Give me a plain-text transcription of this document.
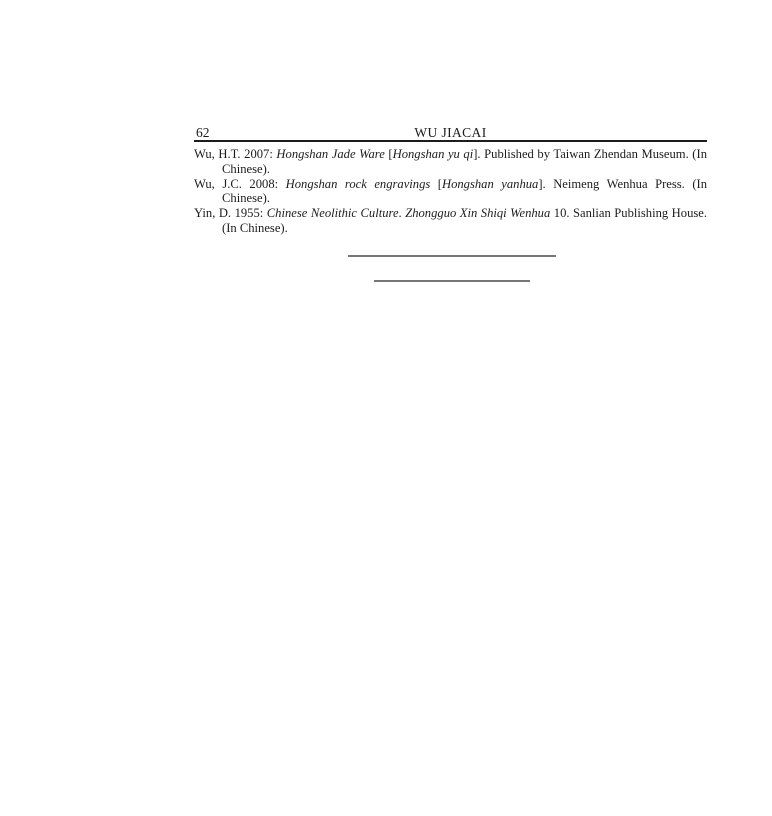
62	WU JIACAI

Wu, H.T. 2007: Hongshan Jade Ware [Hongshan yu qi]. Published by Taiwan Zhendan Museum. (In Chinese).

Wu, J.C. 2008: Hongshan rock engravings [Hongshan yanhua]. Neimeng Wenhua Press. (In Chinese).

Yin, D. 1955: Chinese Neolithic Culture. Zhongguo Xin Shiqi Wenhua 10. Sanlian Publishing House. (In Chinese).
